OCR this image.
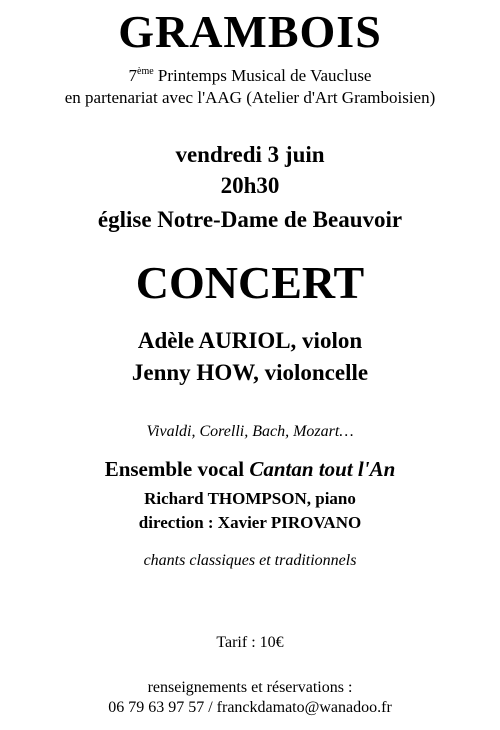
GRAMBOIS
7ème Printemps Musical de Vaucluse
en partenariat avec l'AAG (Atelier d'Art Gramboisien)
vendredi 3 juin
20h30
église Notre-Dame de Beauvoir
CONCERT
Adèle AURIOL, violon
Jenny HOW, violoncelle
Vivaldi, Corelli, Bach, Mozart…
Ensemble vocal Cantan tout l'An
Richard THOMPSON, piano
direction : Xavier PIROVANO
chants classiques et traditionnels
Tarif : 10€
renseignements et réservations :
06 79 63 97 57 / franckdamato@wanadoo.fr
